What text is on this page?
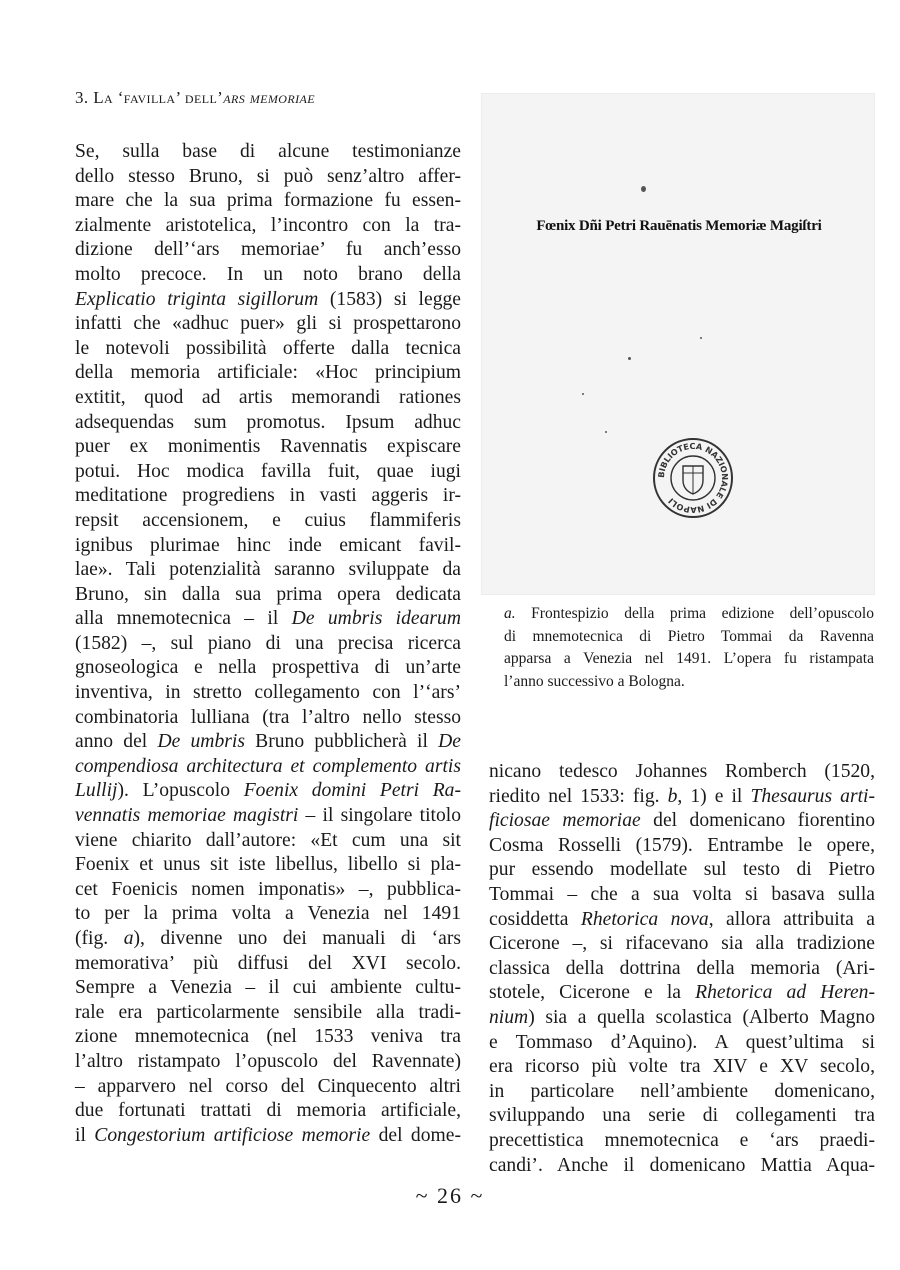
3. La ‘favilla’ dell’ars memoriae
Se, sulla base di alcune testimonianze
dello stesso Bruno, si può senz’altro affer-
mare che la sua prima formazione fu essen-
zialmente aristotelica, l’incontro con la tra-
dizione dell’‘ars memoriae’ fu anch’esso
molto precoce. In un noto brano della
Explicatio triginta sigillorum (1583) si legge
infatti che «adhuc puer» gli si prospettarono
le notevoli possibilità offerte dalla tecnica
della memoria artificiale: «Hoc principium
extitit, quod ad artis memorandi rationes
adsequendas sum promotus. Ipsum adhuc
puer ex monimentis Ravennatis expiscare
potui. Hoc modica favilla fuit, quae iugi
meditatione progrediens in vasti aggeris ir-
repsit accensionem, e cuius flammiferis
ignibus plurimae hinc inde emicant favil-
lae». Tali potenzialità saranno sviluppate da
Bruno, sin dalla sua prima opera dedicata
alla mnemotecnica – il De umbris idearum
(1582) –, sul piano di una precisa ricerca
gnoseologica e nella prospettiva di un’arte
inventiva, in stretto collegamento con l’‘ars’
combinatoria lulliana (tra l’altro nello stesso
anno del De umbris Bruno pubblicherà il De
compendiosa architectura et complemento artis
Lullij). L’opuscolo Foenix domini Petri Ra-
vennatis memoriae magistri – il singolare titolo
viene chiarito dall’autore: «Et cum una sit
Foenix et unus sit iste libellus, libello si pla-
cet Foenicis nomen imponatis» –, pubblica-
to per la prima volta a Venezia nel 1491
(fig. a), divenne uno dei manuali di ‘ars
memorativa’ più diffusi del XVI secolo.
Sempre a Venezia – il cui ambiente cultu-
rale era particolarmente sensibile alla tradi-
zione mnemotecnica (nel 1533 veniva tra
l’altro ristampato l’opuscolo del Ravennate)
– apparvero nel corso del Cinquecento altri
due fortunati trattati di memoria artificiale,
il Congestorium artificiose memorie del dome-
Fœnix Dñi Petri Rauēnatis Memoriæ Magiſtri
BIBLIOTECA NAZIONALE DI NAPOLI
a. Frontespizio della prima edizione dell’opuscolo
di mnemotecnica di Pietro Tommai da Ravenna
apparsa a Venezia nel 1491. L’opera fu ristampata
l’anno successivo a Bologna.
nicano tedesco Johannes Romberch (1520,
riedito nel 1533: fig. b, 1) e il Thesaurus arti-
ficiosae memoriae del domenicano fiorentino
Cosma Rosselli (1579). Entrambe le opere,
pur essendo modellate sul testo di Pietro
Tommai – che a sua volta si basava sulla
cosiddetta Rhetorica nova, allora attribuita a
Cicerone –, si rifacevano sia alla tradizione
classica della dottrina della memoria (Ari-
stotele, Cicerone e la Rhetorica ad Heren-
nium) sia a quella scolastica (Alberto Magno
e Tommaso d’Aquino). A quest’ultima si
era ricorso più volte tra XIV e XV secolo,
in particolare nell’ambiente domenicano,
sviluppando una serie di collegamenti tra
precettistica mnemotecnica e ‘ars praedi-
candi’. Anche il domenicano Mattia Aqua-
~ 26 ~
